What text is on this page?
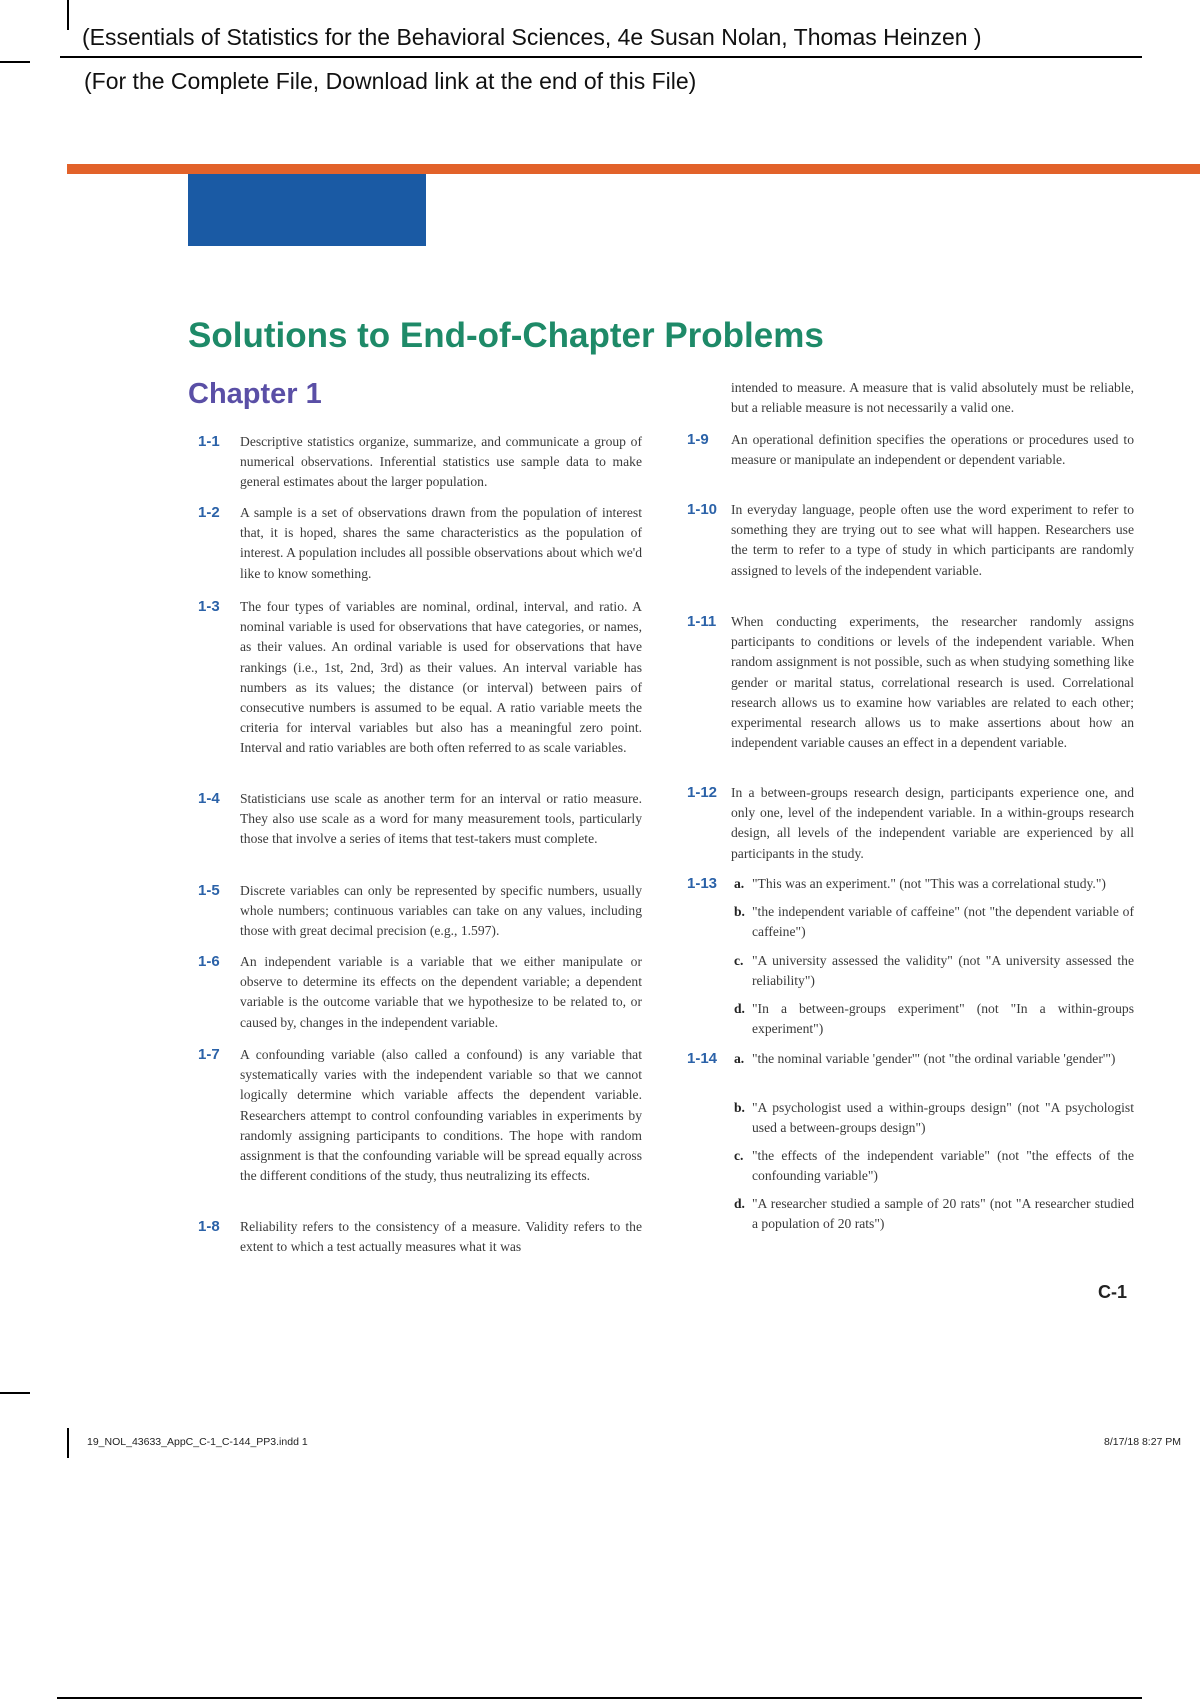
(Essentials of Statistics for the Behavioral Sciences, 4e Susan Nolan, Thomas Heinzen )
(For the Complete File, Download link at the end of this File)
Solutions to End-of-Chapter Problems
Chapter 1
1-1 Descriptive statistics organize, summarize, and communicate a group of numerical observations. Inferential statistics use sample data to make general estimates about the larger population.
1-2 A sample is a set of observations drawn from the population of interest that, it is hoped, shares the same characteristics as the population of interest. A population includes all possible observations about which we'd like to know something.
1-3 The four types of variables are nominal, ordinal, interval, and ratio. A nominal variable is used for observations that have categories, or names, as their values. An ordinal variable is used for observations that have rankings (i.e., 1st, 2nd, 3rd) as their values. An interval variable has numbers as its values; the distance (or interval) between pairs of consecutive numbers is assumed to be equal. A ratio variable meets the criteria for interval variables but also has a meaningful zero point. Interval and ratio variables are both often referred to as scale variables.
1-4 Statisticians use scale as another term for an interval or ratio measure. They also use scale as a word for many measurement tools, particularly those that involve a series of items that test-takers must complete.
1-5 Discrete variables can only be represented by specific numbers, usually whole numbers; continuous variables can take on any values, including those with great decimal precision (e.g., 1.597).
1-6 An independent variable is a variable that we either manipulate or observe to determine its effects on the dependent variable; a dependent variable is the outcome variable that we hypothesize to be related to, or caused by, changes in the independent variable.
1-7 A confounding variable (also called a confound) is any variable that systematically varies with the independent variable so that we cannot logically determine which variable affects the dependent variable. Researchers attempt to control confounding variables in experiments by randomly assigning participants to conditions. The hope with random assignment is that the confounding variable will be spread equally across the different conditions of the study, thus neutralizing its effects.
1-8 Reliability refers to the consistency of a measure. Validity refers to the extent to which a test actually measures what it was
intended to measure. A measure that is valid absolutely must be reliable, but a reliable measure is not necessarily a valid one.
1-9 An operational definition specifies the operations or procedures used to measure or manipulate an independent or dependent variable.
1-10 In everyday language, people often use the word experiment to refer to something they are trying out to see what will happen. Researchers use the term to refer to a type of study in which participants are randomly assigned to levels of the independent variable.
1-11 When conducting experiments, the researcher randomly assigns participants to conditions or levels of the independent variable. When random assignment is not possible, such as when studying something like gender or marital status, correlational research is used. Correlational research allows us to examine how variables are related to each other; experimental research allows us to make assertions about how an independent variable causes an effect in a dependent variable.
1-12 In a between-groups research design, participants experience one, and only one, level of the independent variable. In a within-groups research design, all levels of the independent variable are experienced by all participants in the study.
1-13 a. "This was an experiment." (not "This was a correlational study.")
b. "the independent variable of caffeine" (not "the dependent variable of caffeine")
c. "A university assessed the validity" (not "A university assessed the reliability")
d. "In a between-groups experiment" (not "In a within-groups experiment")
1-14 a. "the nominal variable 'gender'" (not "the ordinal variable 'gender'")
b. "A psychologist used a within-groups design" (not "A psychologist used a between-groups design")
c. "the effects of the independent variable" (not "the effects of the confounding variable")
d. "A researcher studied a sample of 20 rats" (not "A researcher studied a population of 20 rats")
C-1
19_NOL_43633_AppC_C-1_C-144_PP3.indd 1	8/17/18 8:27 PM
